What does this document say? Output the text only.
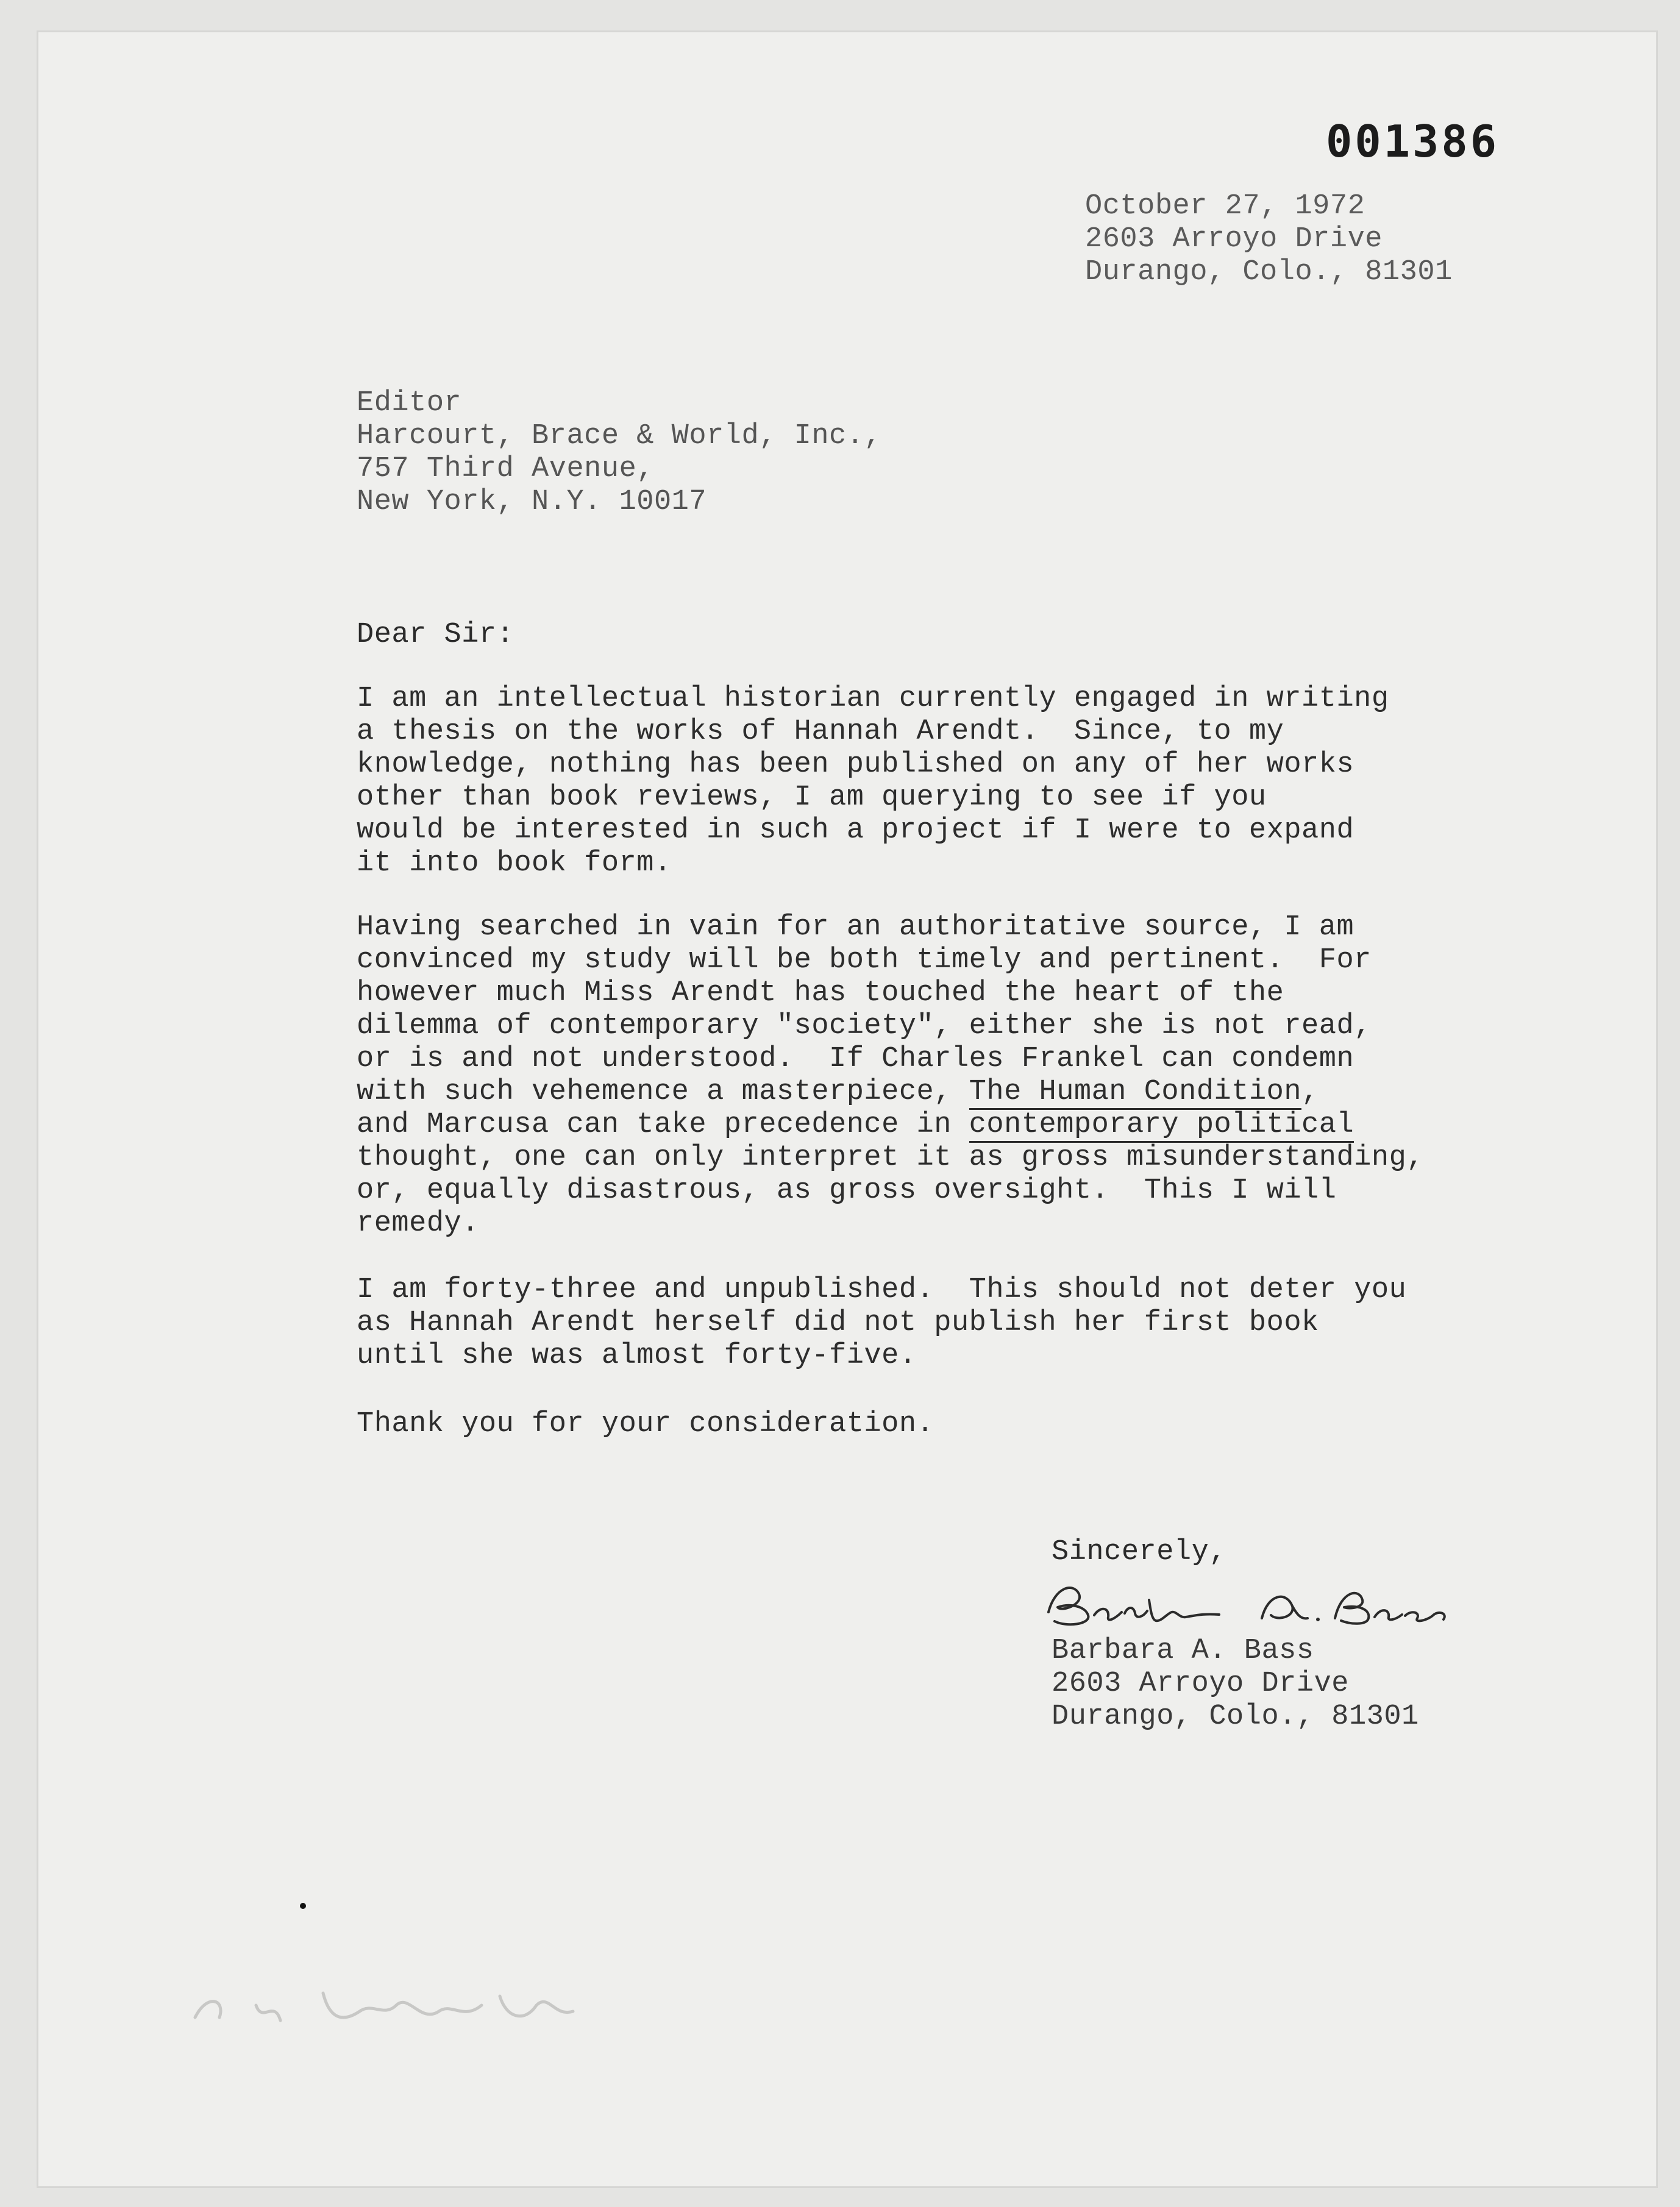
001386
October 27, 1972
2603 Arroyo Drive
Durango, Colo., 81301
Editor
Harcourt, Brace & World, Inc.,
757 Third Avenue,
New York, N.Y. 10017
Dear Sir:
I am an intellectual historian currently engaged in writing
a thesis on the works of Hannah Arendt.  Since, to my
knowledge, nothing has been published on any of her works
other than book reviews, I am querying to see if you
would be interested in such a project if I were to expand
it into book form.
Having searched in vain for an authoritative source, I am
convinced my study will be both timely and pertinent.  For
however much Miss Arendt has touched the heart of the
dilemma of contemporary "society", either she is not read,
or is and not understood.  If Charles Frankel can condemn
with such vehemence a masterpiece, The Human Condition,
and Marcusa can take precedence in contemporary political
thought, one can only interpret it as gross misunderstanding,
or, equally disastrous, as gross oversight.  This I will
remedy.
I am forty-three and unpublished.  This should not deter you
as Hannah Arendt herself did not publish her first book
until she was almost forty-five.
Thank you for your consideration.
Sincerely,
Barbara A. Bass
2603 Arroyo Drive
Durango, Colo., 81301
